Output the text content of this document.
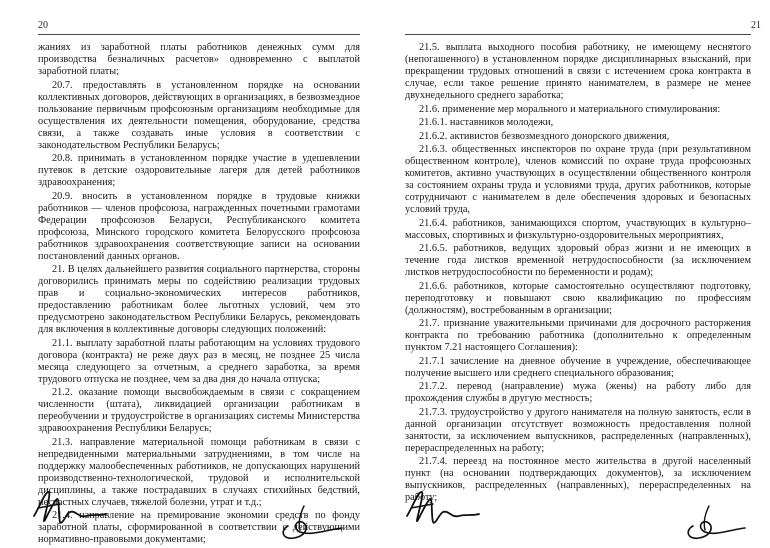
20

жаниях из заработной платы работников денежных сумм для производства безналичных расчетов» одновременно с выплатой заработной платы;

20.7. предоставлять в установленном порядке на основании коллективных договоров, действующих в организациях, в безвозмездное пользование первичным профсоюзным организациям необходимые для осуществления их деятельности помещения, оборудование, средства связи, а также создавать иные условия в соответствии с законодательством Республики Беларусь;

20.8. принимать в установленном порядке участие в удешевлении путевок в детские оздоровительные лагеря для детей работников здравоохранения;

20.9. вносить в установленном порядке в трудовые книжки работников — членов профсоюза, награжденных почетными грамотами Федерации профсоюзов Беларуси, Республиканского комитета профсоюза, Минского городского комитета Белорусского профсоюза работников здравоохранения соответствующие записи на основании постановлений данных органов.

21. В целях дальнейшего развития социального партнерства, стороны договорились принимать меры по содействию реализации трудовых прав и социально-экономических интересов работников, предоставлению работникам более льготных условий, чем это предусмотрено законодательством Республики Беларусь, рекомендовать для включения в коллективные договоры следующих положений:

21.1. выплату заработной платы работающим на условиях трудового договора (контракта) не реже двух раз в месяц, не позднее 25 числа месяца следующего за отчетным, а среднего заработка, за время трудового отпуска не позднее, чем за два дня до начала отпуска;

21.2. оказание помощи высвобождаемым в связи с сокращением численности (штата), ликвидацией организации работникам в переобучении и трудоустройстве в организациях системы Министерства здравоохранения Республики Беларусь;

21.3. направление материальной помощи работникам в связи с непредвиденными материальными затруднениями, в том числе на поддержку малообеспеченных работников, не допускающих нарушений производственно-технологической, трудовой и исполнительской дисциплины, а также пострадавших в случаях стихийных бедствий, несчастных случаев, тяжелой болезни, утрат и т.д.;

21.4. направление на премирование экономии средств по фонду заработной платы, сформированной в соответствии с действующими нормативно-правовыми документами;

21

21.5. выплата выходного пособия работнику, не имеющему неснятого (непогашенного) в установленном порядке дисциплинарных взысканий, при прекращении трудовых отношений в связи с истечением срока контракта в случае, если такое решение принято нанимателем, в размере не менее двухнедельного среднего заработка;

21.6. применение мер морального и материального стимулирования:

21.6.1. наставников молодежи,

21.6.2. активистов безвозмездного донорского движения,

21.6.3. общественных инспекторов по охране труда (при результативном общественном контроле), членов комиссий по охране труда профсоюзных комитетов, активно участвующих в осуществлении общественного контроля за состоянием охраны труда и условиями труда, других работников, которые сотрудничают с нанимателем в деле обеспечения здоровых и безопасных условий труда,

21.6.4. работников, занимающихся спортом, участвующих в культурно–массовых, спортивных и физкультурно-оздоровительных мероприятиях,

21.6.5. работников, ведущих здоровый образ жизни и не имеющих в течение года листков временной нетрудоспособности (за исключением листков нетрудоспособности по беременности и родам);

21.6.6. работников, которые самостоятельно осуществляют подготовку, переподготовку и повышают свою квалификацию по профессиям (должностям), востребованным в организации;

21.7. признание уважительными причинами для досрочного расторжения контракта по требованию работника (дополнительно к определенным пунктом 7.21 настоящего Соглашения):

21.7.1 зачисление на дневное обучение в учреждение, обеспечивающее получение высшего или среднего специального образования;

21.7.2. перевод (направление) мужа (жены) на работу либо для прохождения службы в другую местность;

21.7.3. трудоустройство у другого нанимателя на полную занятость, если в данной организации отсутствует возможность предоставления полной занятости, за исключением выпускников, распределенных (направленных), перераспределенных на работу;

21.7.4. переезд на постоянное место жительства в другой населенный пункт (на основании подтверждающих документов), за исключением выпускников, распределенных (направленных), перераспределенных на работу;
